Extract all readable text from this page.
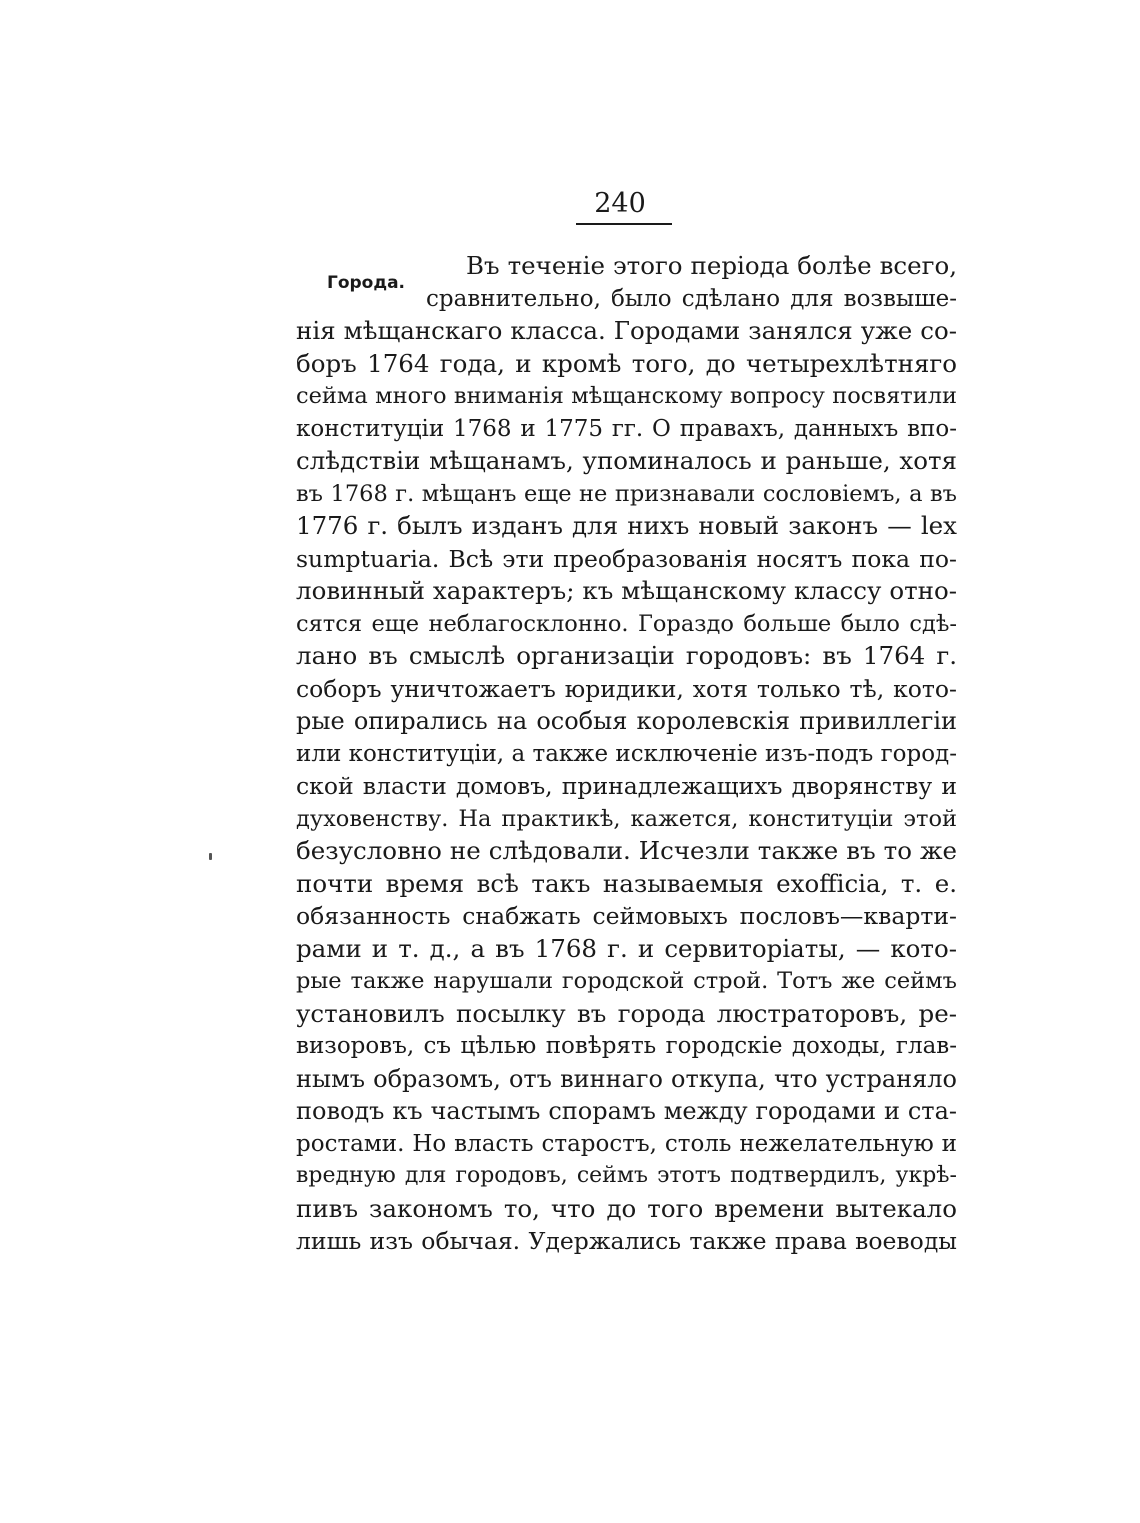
240
Города.
Въ теченіе этого періода болѣе всего,
сравнительно, было сдѣлано для возвыше-
нія мѣщанскаго класса. Городами занялся уже со-
боръ 1764 года, и кромѣ того, до четырехлѣтняго
сейма много вниманія мѣщанскому вопросу посвятили
конституціи 1768 и 1775 гг. О правахъ, данныхъ впо-
слѣдствіи мѣщанамъ, упоминалось и раньше, хотя
въ 1768 г. мѣщанъ еще не признавали сословіемъ, а въ
1776 г. былъ изданъ для нихъ новый законъ — lex
sumptuaria. Всѣ эти преобразованія носятъ пока по-
ловинный характеръ; къ мѣщанскому классу отно-
сятся еще неблагосклонно. Гораздо больше было сдѣ-
лано въ смыслѣ организаціи городовъ: въ 1764 г.
соборъ уничтожаетъ юридики, хотя только тѣ, кото-
рые опирались на особыя королевскія привиллегіи
или конституціи, а также исключеніе изъ-подъ город-
ской власти домовъ, принадлежащихъ дворянству и
духовенству. На практикѣ, кажется, конституціи этой
безусловно не слѣдовали. Исчезли также въ то же
почти время всѣ такъ называемыя exofficia, т. е.
обязанность снабжать сеймовыхъ пословъ—кварти-
рами и т. д., а въ 1768 г. и сервиторіаты, — кото-
рые также нарушали городской строй. Тотъ же сеймъ
установилъ посылку въ города люстраторовъ, ре-
визоровъ, съ цѣлью повѣрять городскіе доходы, глав-
нымъ образомъ, отъ виннаго откупа, что устраняло
поводъ къ частымъ спорамъ между городами и ста-
ростами. Но власть старостъ, столь нежелательную и
вредную для городовъ, сеймъ этотъ подтвердилъ, укрѣ-
пивъ закономъ то, что до того времени вытекало
лишь изъ обычая. Удержались также права воеводы
